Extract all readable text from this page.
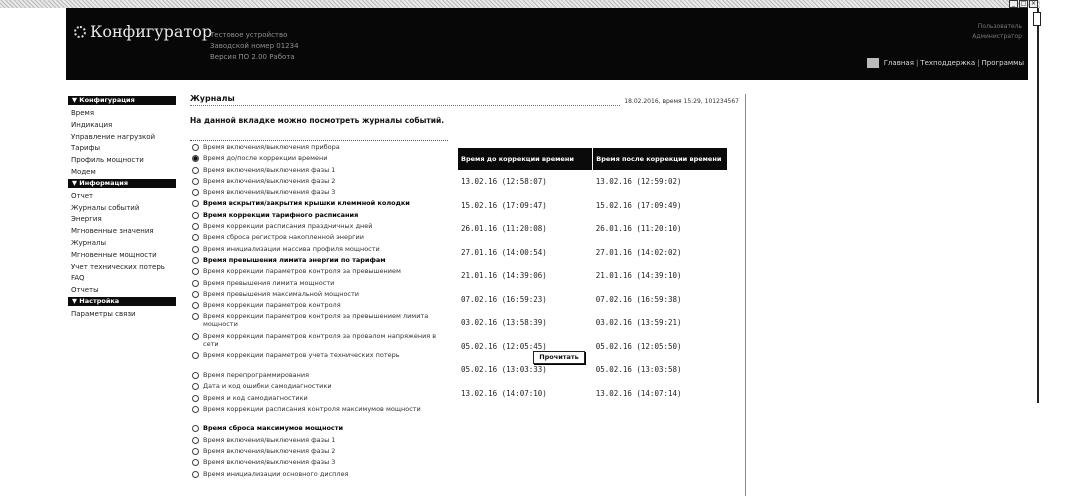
_ □ ×
Конфигуратор
Тестовое устройство
Заводской номер 01234
Версия ПО 2.00 Работа
Пользователь
Администратор
Главная | Техподдержка | Программы
▼ Конфигурация
Время
Индикация
Управление нагрузкой
Тарифы
Профиль мощности
Модем
▼ Информация
Отчет
Журналы событий
Энергия
Мгновенные значения
Журналы
Мгновенные мощности
Учет технических потерь
FAQ
Отчеты
▼ Настройка
Параметры связи
Журналы	18.02.2016, время 15:29, 101234567
На данной вкладке можно посмотреть журналы событий.
Время включения/выключения прибора
Время до/после коррекции времени
Время включения/выключения фазы 1
Время включения/выключения фазы 2
Время включения/выключения фазы 3
Время вскрытия/закрытия крышки клеммной колодки
Время коррекции тарифного расписания
Время коррекции расписания праздничных дней
Время сброса регистров накопленной энергии
Время инициализации массива профиля мощности
Время превышения лимита энергии по тарифам
Время коррекции параметров контроля за превышением
Время превышения лимита мощности
Время превышения максимальной мощности
Время коррекции параметров контроля
Время коррекции параметров контроля за превышением лимита мощности
Время коррекции параметров контроля за провалом напряжения в сети
Время коррекции параметров учета технических потерь
Время перепрограммирования
Дата и код ошибки самодиагностики
Время и код самодиагностики
Время коррекции расписания контроля максимумов мощности
Время сброса максимумов мощности
Время включения/выключения фазы 1
Время включения/выключения фазы 2
Время включения/выключения фазы 3
Время инициализации основного дисплея
Время до коррекции времени	Время после коррекции времени
13.02.16 (12:58:07)	13.02.16 (12:59:02)
15.02.16 (17:09:47)	15.02.16 (17:09:49)
26.01.16 (11:20:08)	26.01.16 (11:20:10)
27.01.16 (14:00:54)	27.01.16 (14:02:02)
21.01.16 (14:39:06)	21.01.16 (14:39:10)
07.02.16 (16:59:23)	07.02.16 (16:59:38)
03.02.16 (13:58:39)	03.02.16 (13:59:21)
05.02.16 (12:05:45)	05.02.16 (12:05:50)
05.02.16 (13:03:33)	05.02.16 (13:03:58)
13.02.16 (14:07:10)	13.02.16 (14:07:14)
Прочитать
